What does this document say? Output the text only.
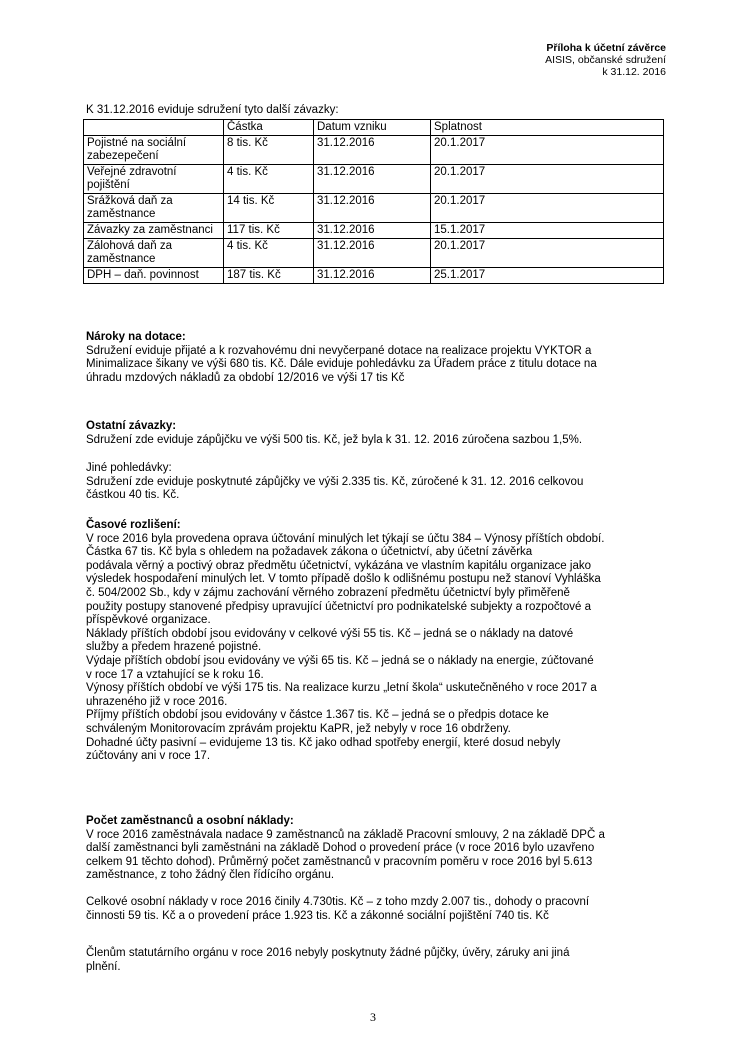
Příloha k účetní závěrce
AISIS, občanské sdružení
k 31.12. 2016
K 31.12.2016 eviduje sdružení tyto další závazky:
	Částka	Datum vzniku	Splatnost
Pojistné na sociální zabezepečení	8 tis. Kč	31.12.2016	20.1.2017
Veřejné zdravotní pojištění	4 tis. Kč	31.12.2016	20.1.2017
Srážková daň za zaměstnance	14 tis. Kč	31.12.2016	20.1.2017
Závazky za zaměstnanci	117 tis. Kč	31.12.2016	15.1.2017
Zálohová daň za zaměstnance	4 tis. Kč	31.12.2016	20.1.2017
DPH – daň. povinnost	187 tis. Kč	31.12.2016	25.1.2017
Nároky na dotace:

Sdružení eviduje přijaté a k rozvahovému dni nevyčerpané dotace na realizace projektu VYKTOR a

Minimalizace šikany ve výši 680 tis. Kč. Dále eviduje pohledávku za Úřadem práce z titulu dotace na

úhradu mzdových nákladů za období 12/2016 ve výši 17 tis Kč

Ostatní závazky:

Sdružení zde eviduje zápůjčku ve výši 500 tis. Kč, jež byla k 31. 12. 2016 zúročena sazbou 1,5%.

Jiné pohledávky:

Sdružení zde eviduje poskytnuté zápůjčky ve výši 2.335 tis. Kč, zúročené k 31. 12. 2016 celkovou

částkou 40 tis. Kč.

Časové rozlišení:

V roce 2016 byla provedena oprava účtování minulých let týkají se účtu 384 – Výnosy příštích období.

Částka 67 tis. Kč byla s ohledem na požadavek zákona o účetnictví, aby účetní závěrka

podávala věrný a poctivý obraz předmětu účetnictví, vykázána ve vlastním kapitálu organizace jako

výsledek hospodaření minulých let. V tomto případě došlo k odlišnému postupu než stanoví Vyhláška

č. 504/2002 Sb., kdy v zájmu zachování věrného zobrazení předmětu účetnictví byly přiměřeně

použity postupy stanovené předpisy upravující účetnictví pro podnikatelské subjekty a rozpočtové a

příspěvkové organizace.

Náklady příštích období jsou evidovány v celkové výši 55 tis. Kč – jedná se o náklady na datové

služby a předem hrazené pojistné.

Výdaje příštích období jsou evidovány ve výši 65 tis. Kč – jedná se o náklady na energie, zúčtované

v roce 17 a vztahující se k roku 16.

Výnosy příštích období ve výši 175 tis. Na realizace kurzu „letní škola“ uskutečněného v roce 2017 a

uhrazeného již v roce 2016.

Příjmy příštích období jsou evidovány v částce 1.367 tis. Kč – jedná se o předpis dotace ke

schváleným Monitorovacím zprávám projektu KaPR, jež nebyly v roce 16 obdrženy.

Dohadné účty pasivní – evidujeme 13 tis. Kč jako odhad spotřeby energií, které dosud nebyly

zúčtovány ani v roce 17.

Počet zaměstnanců a osobní náklady:

V roce 2016 zaměstnávala nadace 9 zaměstnanců na základě Pracovní smlouvy, 2 na základě DPČ a

další zaměstnanci byli zaměstnáni na základě Dohod o provedení práce (v roce 2016 bylo uzavřeno

celkem 91 těchto dohod). Průměrný počet zaměstnanců v pracovním poměru v roce 2016 byl 5.613

zaměstnance, z toho žádný člen řídícího orgánu.

Celkové osobní náklady v roce 2016 činily 4.730tis. Kč – z toho mzdy 2.007 tis., dohody o pracovní

činnosti 59 tis. Kč a o provedení práce 1.923 tis. Kč a zákonné sociální pojištění 740 tis. Kč

Členům statutárního orgánu v roce 2016 nebyly poskytnuty žádné půjčky, úvěry, záruky ani jiná

plnění.

3
